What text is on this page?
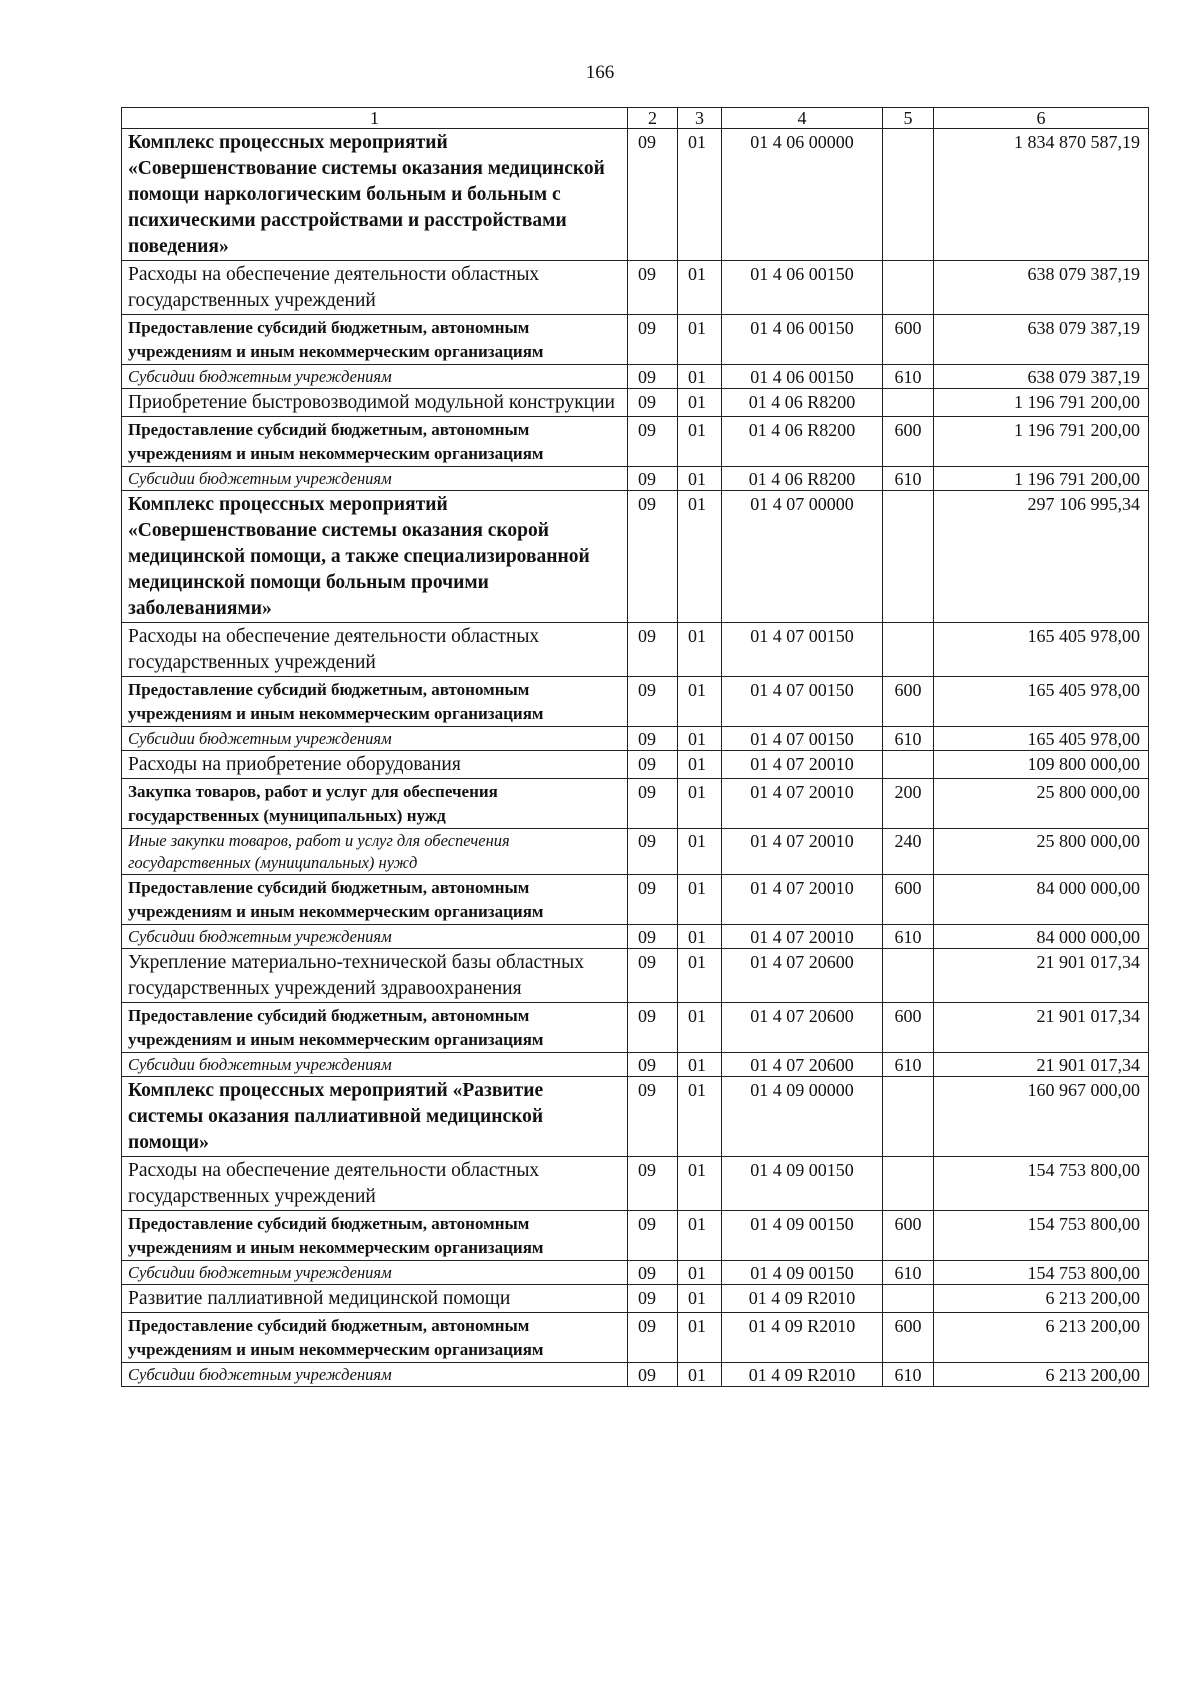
166
1	2	3	4	5	6
Комплекс процессных мероприятий «Совершенствование системы оказания медицинской помощи наркологическим больным и больным с психическими расстройствами и расстройствами поведения»	09	01	01 4 06 00000		1 834 870 587,19
Расходы на обеспечение деятельности областных государственных учреждений	09	01	01 4 06 00150		638 079 387,19
Предоставление субсидий бюджетным, автономным учреждениям и иным некоммерческим организациям	09	01	01 4 06 00150	600	638 079 387,19
Субсидии бюджетным учреждениям	09	01	01 4 06 00150	610	638 079 387,19
Приобретение быстровозводимой модульной конструкции	09	01	01 4 06 R8200		1 196 791 200,00
Предоставление субсидий бюджетным, автономным учреждениям и иным некоммерческим организациям	09	01	01 4 06 R8200	600	1 196 791 200,00
Субсидии бюджетным учреждениям	09	01	01 4 06 R8200	610	1 196 791 200,00
Комплекс процессных мероприятий «Совершенствование системы оказания скорой медицинской помощи, а также специализированной медицинской помощи больным прочими заболеваниями»	09	01	01 4 07 00000		297 106 995,34
Расходы на обеспечение деятельности областных государственных учреждений	09	01	01 4 07 00150		165 405 978,00
Предоставление субсидий бюджетным, автономным учреждениям и иным некоммерческим организациям	09	01	01 4 07 00150	600	165 405 978,00
Субсидии бюджетным учреждениям	09	01	01 4 07 00150	610	165 405 978,00
Расходы на приобретение оборудования	09	01	01 4 07 20010		109 800 000,00
Закупка товаров, работ и услуг для обеспечения государственных (муниципальных) нужд	09	01	01 4 07 20010	200	25 800 000,00
Иные закупки товаров, работ и услуг для обеспечения государственных (муниципальных) нужд	09	01	01 4 07 20010	240	25 800 000,00
Предоставление субсидий бюджетным, автономным учреждениям и иным некоммерческим организациям	09	01	01 4 07 20010	600	84 000 000,00
Субсидии бюджетным учреждениям	09	01	01 4 07 20010	610	84 000 000,00
Укрепление материально-технической базы областных государственных учреждений здравоохранения	09	01	01 4 07 20600		21 901 017,34
Предоставление субсидий бюджетным, автономным учреждениям и иным некоммерческим организациям	09	01	01 4 07 20600	600	21 901 017,34
Субсидии бюджетным учреждениям	09	01	01 4 07 20600	610	21 901 017,34
Комплекс процессных мероприятий «Развитие системы оказания паллиативной медицинской помощи»	09	01	01 4 09 00000		160 967 000,00
Расходы на обеспечение деятельности областных государственных учреждений	09	01	01 4 09 00150		154 753 800,00
Предоставление субсидий бюджетным, автономным учреждениям и иным некоммерческим организациям	09	01	01 4 09 00150	600	154 753 800,00
Субсидии бюджетным учреждениям	09	01	01 4 09 00150	610	154 753 800,00
Развитие паллиативной медицинской помощи	09	01	01 4 09 R2010		6 213 200,00
Предоставление субсидий бюджетным, автономным учреждениям и иным некоммерческим организациям	09	01	01 4 09 R2010	600	6 213 200,00
Субсидии бюджетным учреждениям	09	01	01 4 09 R2010	610	6 213 200,00
